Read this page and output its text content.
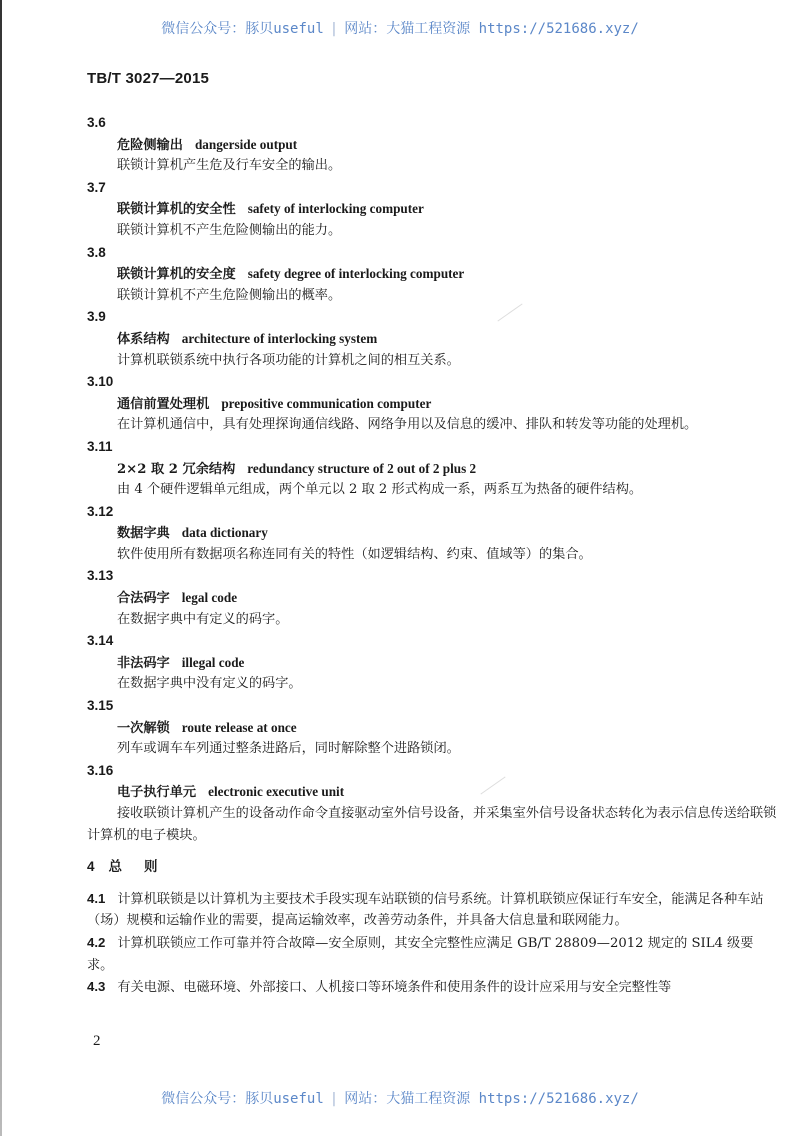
微信公众号：豚贝useful | 网站：大猫工程资源 https://521686.xyz/
TB/T 3027—2015
3.6
危险侧输出 dangerside output
联锁计算机产生危及行车安全的输出。
3.7
联锁计算机的安全性 safety of interlocking computer
联锁计算机不产生危险侧输出的能力。
3.8
联锁计算机的安全度 safety degree of interlocking computer
联锁计算机不产生危险侧输出的概率。
3.9
体系结构 architecture of interlocking system
计算机联锁系统中执行各项功能的计算机之间的相互关系。
3.10
通信前置处理机 prepositive communication computer
在计算机通信中，具有处理探询通信线路、网络争用以及信息的缓冲、排队和转发等功能的处理机。
3.11
2×2 取 2 冗余结构 redundancy structure of 2 out of 2 plus 2
由 4 个硬件逻辑单元组成，两个单元以 2 取 2 形式构成一系，两系互为热备的硬件结构。
3.12
数据字典 data dictionary
软件使用所有数据项名称连同有关的特性（如逻辑结构、约束、值域等）的集合。
3.13
合法码字 legal code
在数据字典中有定义的码字。
3.14
非法码字 illegal code
在数据字典中没有定义的码字。
3.15
一次解锁 route release at once
列车或调车车列通过整条进路后，同时解除整个进路锁闭。
3.16
电子执行单元 electronic executive unit
接收联锁计算机产生的设备动作命令直接驱动室外信号设备，并采集室外信号设备状态转化为表示信息传送给联锁计算机的电子模块。
4 总则
4.1 计算机联锁是以计算机为主要技术手段实现车站联锁的信号系统。计算机联锁应保证行车安全，能满足各种车站（场）规模和运输作业的需要，提高运输效率，改善劳动条件，并具备大信息量和联网能力。
4.2 计算机联锁应工作可靠并符合故障—安全原则，其安全完整性应满足 GB/T 28809—2012 规定的 SIL4 级要求。
4.3 有关电源、电磁环境、外部接口、人机接口等环境条件和使用条件的设计应采用与安全完整性等
2
微信公众号：豚贝useful | 网站：大猫工程资源 https://521686.xyz/
